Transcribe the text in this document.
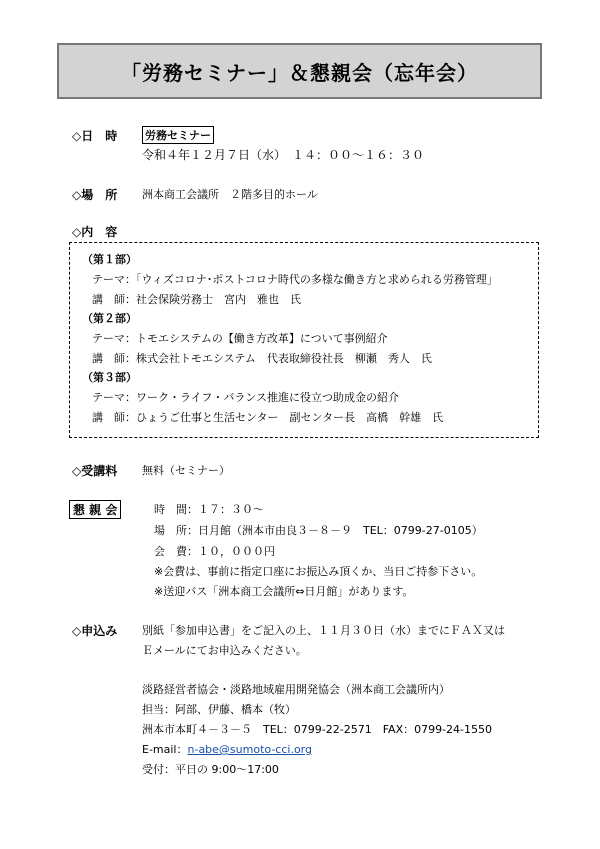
「労務セミナー」＆懇親会（忘年会）
◇日　時	労務セミナー
令和４年１２月７日（水）　１４：００～１６：３０
◇場　所 洲本商工会議所　２階多目的ホール
◇内　容
（第１部）
テーマ：「ウィズコロナ･ポストコロナ時代の多様な働き方と求められる労務管理」
講　師：社会保険労務士　宮内　雅也　氏
（第２部）
テーマ：トモエシステムの【働き方改革】について事例紹介
講　師：株式会社トモエシステム　代表取締役社長　柳瀬　秀人　氏
（第３部）
テーマ：ワーク・ライフ・バランス推進に役立つ助成金の紹介
講　師：ひょうご仕事と生活センター　副センター長　高橋　幹雄　氏
◇受講料 無料（セミナー）
懇 親 会	時　間：１７：３０～
場　所：日月館（洲本市由良３－８－９　TEL：0799-27-0105）
会　費：１０，０００円
※会費は、事前に指定口座にお振込み頂くか、当日ご持参下さい。
※送迎バス「洲本商工会議所⇔日月館」があります。
◇申込み 別紙「参加申込書」をご記入の上、１１月３０日（水）までにＦＡＸ又は
Ｅメールにてお申込みください。
淡路経営者協会・淡路地域雇用開発協会（洲本商工会議所内）
担当：阿部、伊藤、橋本（牧）
洲本市本町４－３－５　TEL：0799-22-2571　FAX：0799-24-1550
E-mail：n-abe@sumoto-cci.org
受付：平日の 9:00～17:00
